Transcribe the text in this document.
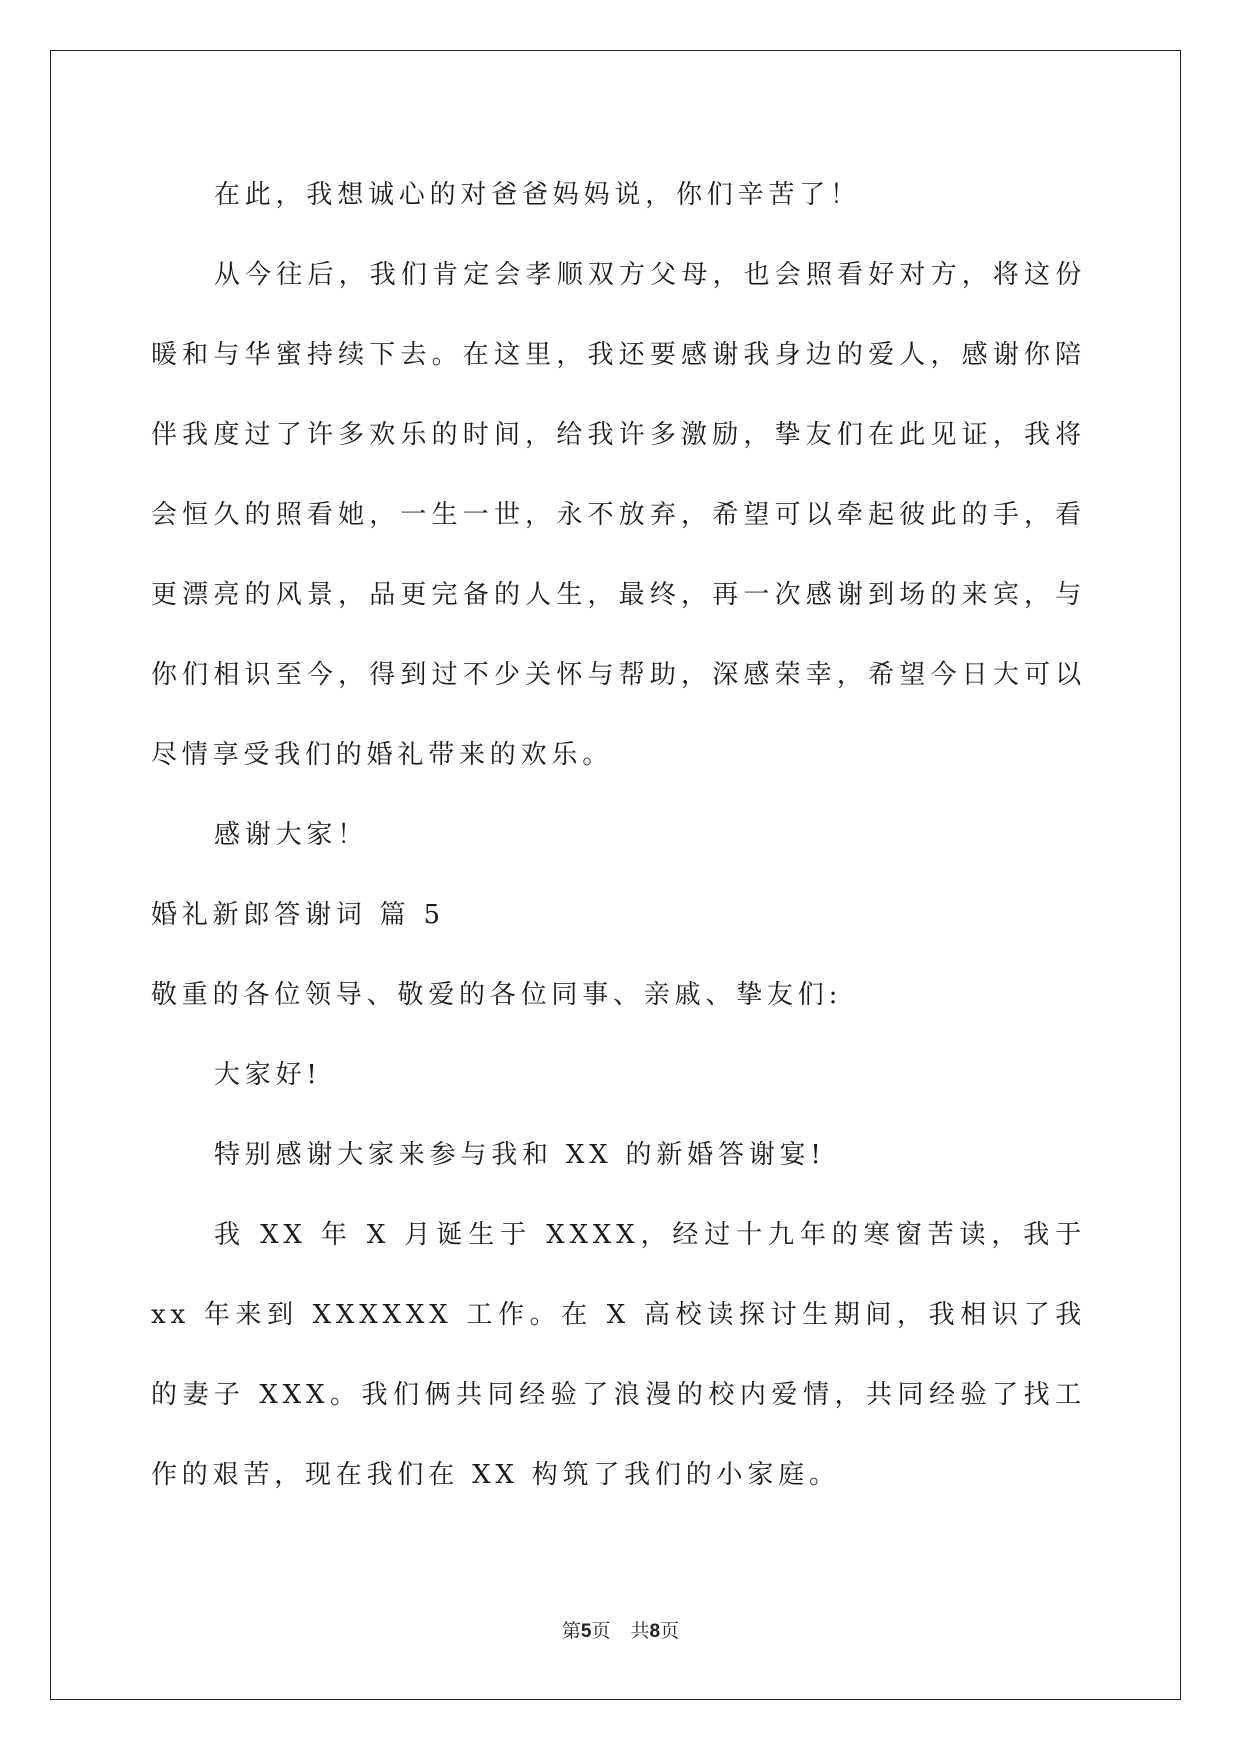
在此，我想诚心的对爸爸妈妈说，你们辛苦了！

从今往后，我们肯定会孝顺双方父母，也会照看好对方，将这份暖和与华蜜持续下去。在这里，我还要感谢我身边的爱人，感谢你陪伴我度过了许多欢乐的时间，给我许多激励，挚友们在此见证，我将会恒久的照看她，一生一世，永不放弃，希望可以牵起彼此的手，看更漂亮的风景，品更完备的人生，最终，再一次感谢到场的来宾，与你们相识至今，得到过不少关怀与帮助，深感荣幸，希望今日大可以尽情享受我们的婚礼带来的欢乐。

感谢大家！

婚礼新郎答谢词 篇 5

敬重的各位领导、敬爱的各位同事、亲戚、挚友们:

大家好!

特别感谢大家来参与我和 XX 的新婚答谢宴!

我 XX 年 X 月诞生于 XXXX，经过十九年的寒窗苦读，我于 xx 年来到 XXXXXX 工作。在 X 高校读探讨生期间，我相识了我的妻子 XXX。我们俩共同经验了浪漫的校内爱情，共同经验了找工作的艰苦，现在我们在 XX 构筑了我们的小家庭。

第5页 共8页
